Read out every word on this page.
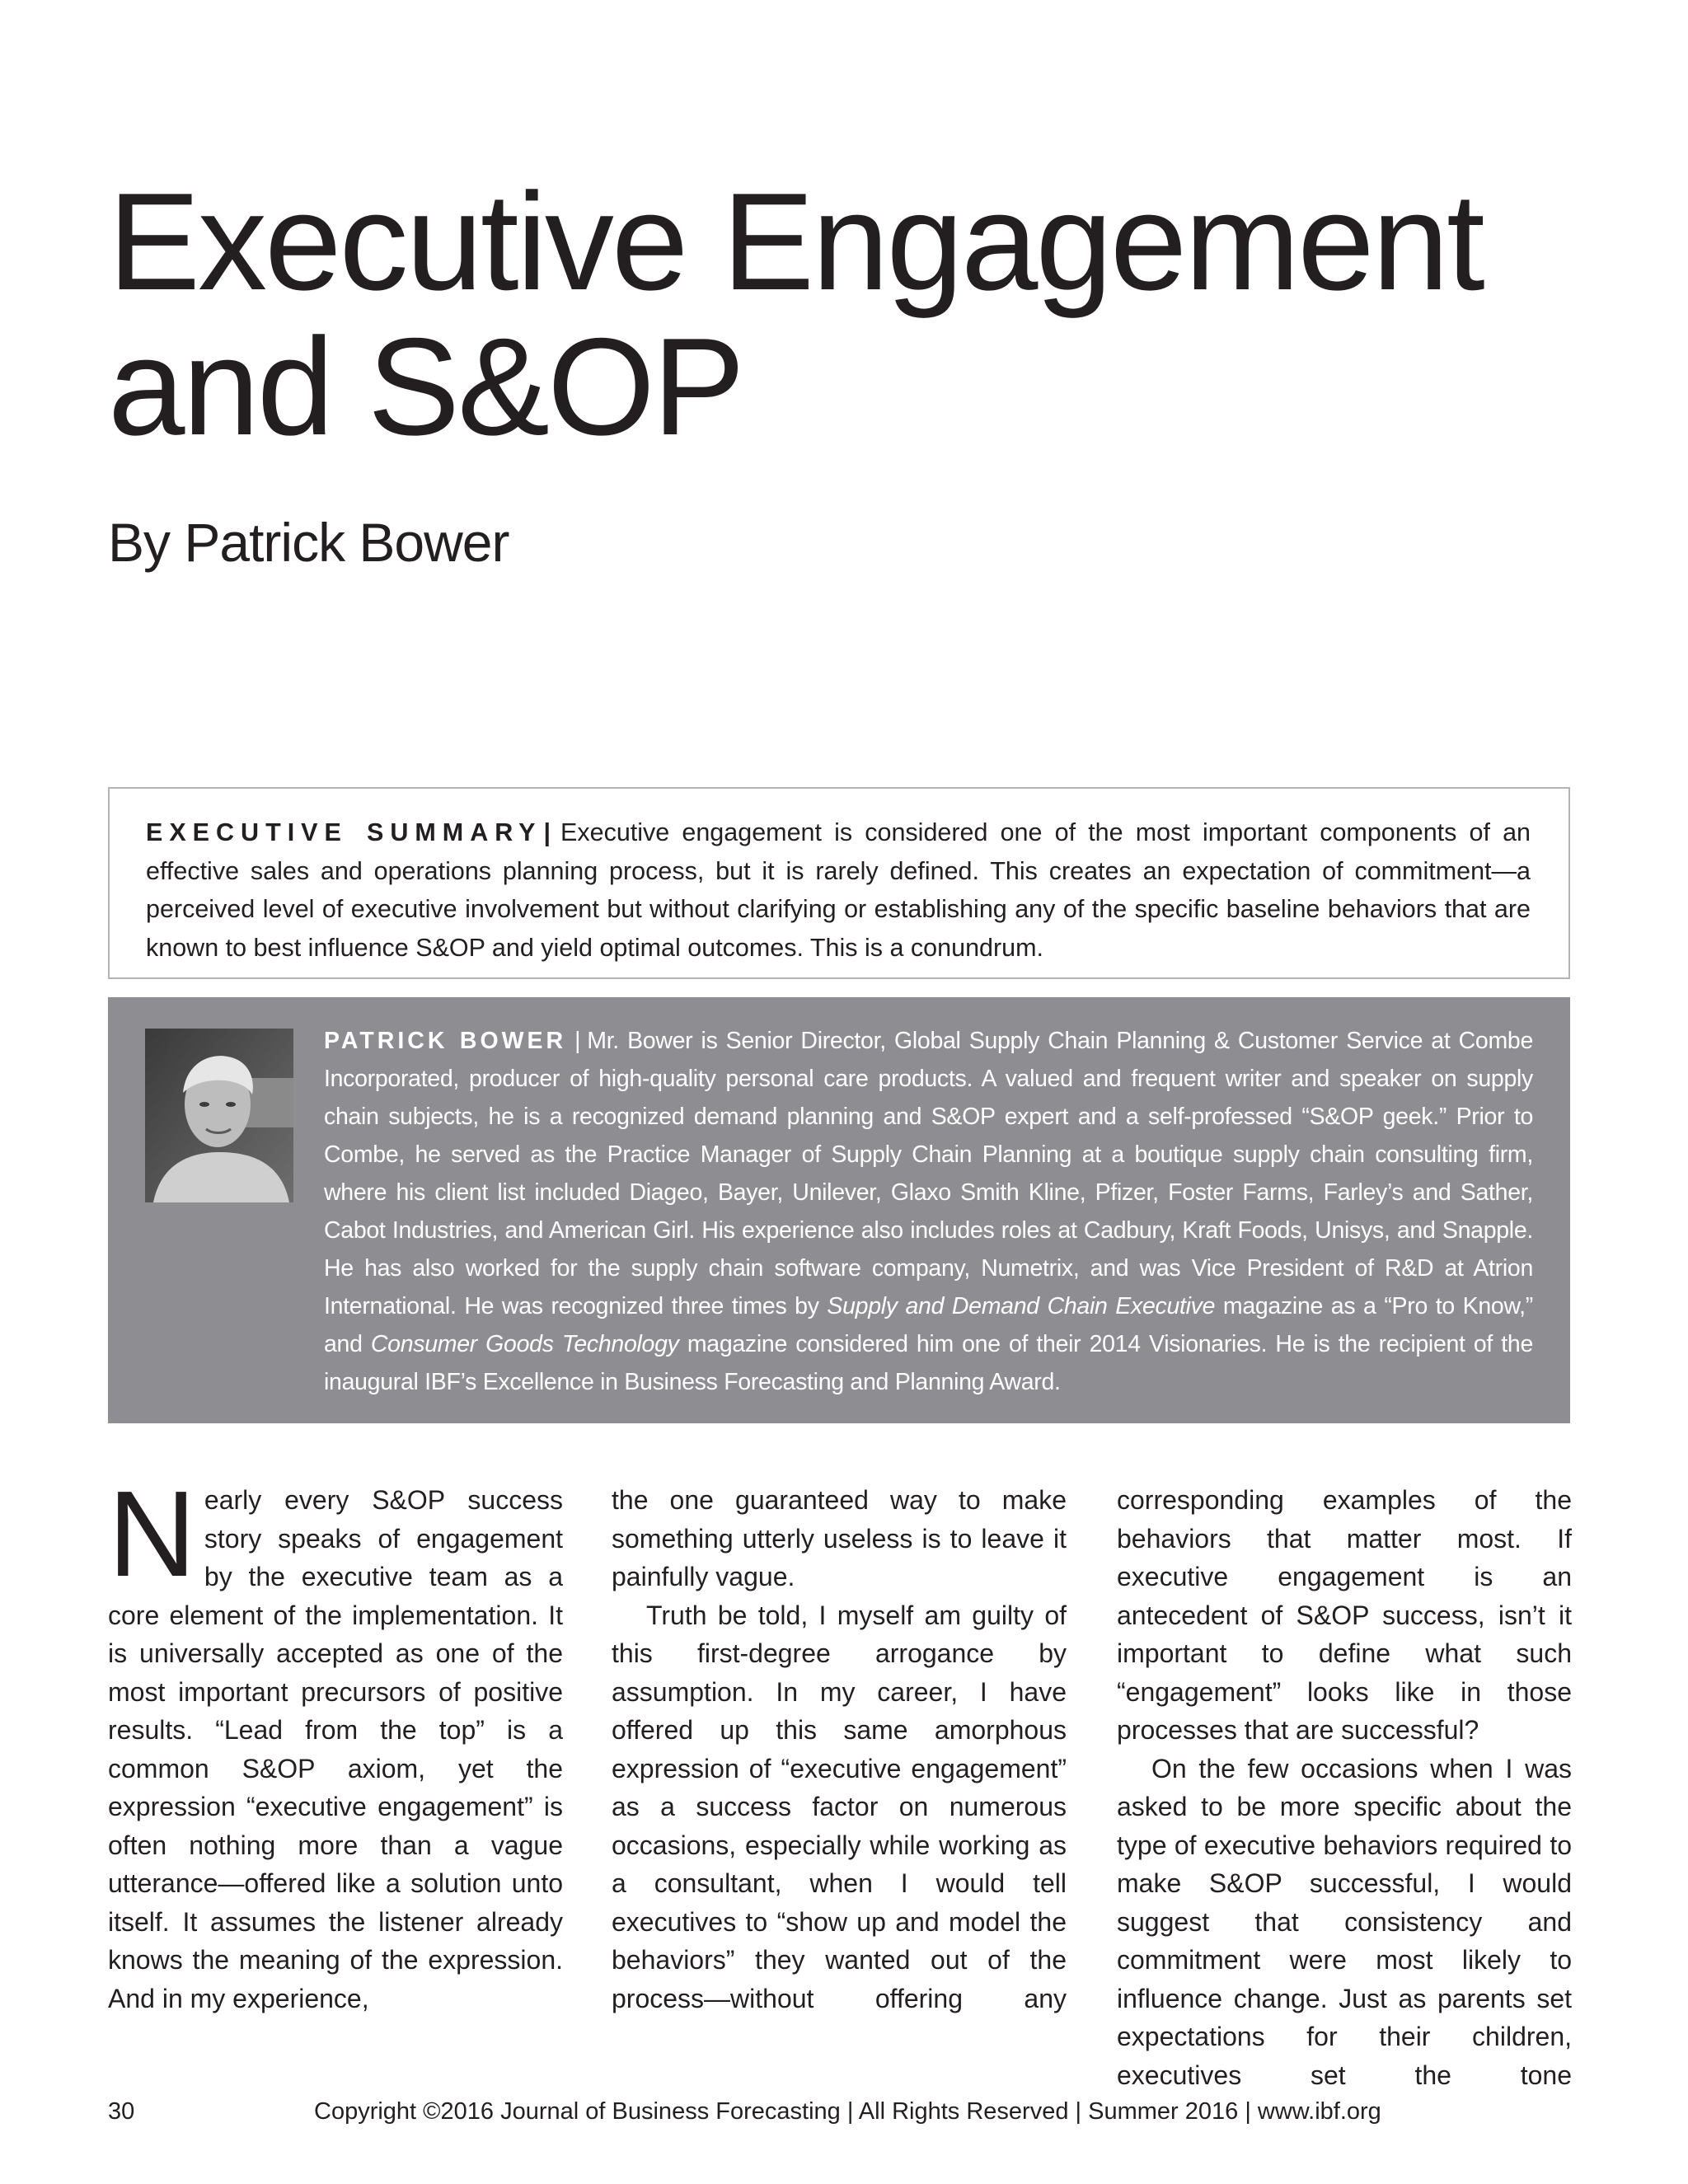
Executive Engagement
and S&OP

By Patrick Bower

EXECUTIVE SUMMARY| Executive engagement is considered one of the most important components of an effective sales and operations planning process, but it is rarely defined. This creates an expectation of commitment—a perceived level of executive involvement but without clarifying or establishing any of the specific baseline behaviors that are known to best influence S&OP and yield optimal outcomes. This is a conundrum.
PATRICK BOWER | Mr. Bower is Senior Director, Global Supply Chain Planning & Customer Service at Combe Incorporated, producer of high-quality personal care products. A valued and frequent writer and speaker on supply chain subjects, he is a recognized demand planning and S&OP expert and a self-professed “S&OP geek.” Prior to Combe, he served as the Practice Manager of Supply Chain Planning at a boutique supply chain consulting firm, where his client list included Diageo, Bayer, Unilever, Glaxo Smith Kline, Pfizer, Foster Farms, Farley’s and Sather, Cabot Industries, and American Girl. His experience also includes roles at Cadbury, Kraft Foods, Unisys, and Snapple. He has also worked for the supply chain software company, Numetrix, and was Vice President of R&D at Atrion International. He was recognized three times by Supply and Demand Chain Executive magazine as a “Pro to Know,” and Consumer Goods Technology magazine considered him one of their 2014 Visionaries. He is the recipient of the inaugural IBF’s Excellence in Business Forecasting and Planning Award.

Nearly every S&OP success story speaks of engagement by the executive team as a core element of the implementation. It is universally accepted as one of the most important precursors of positive results. “Lead from the top” is a common S&OP axiom, yet the expression “executive engagement” is often nothing more than a vague utterance—offered like a solution unto itself. It assumes the listener already knows the meaning of the expression. And in my experience,

the one guaranteed way to make something utterly useless is to leave it painfully vague.

Truth be told, I myself am guilty of this first-degree arrogance by assumption. In my career, I have offered up this same amorphous expression of “executive engagement” as a success factor on numerous occasions, especially while working as a consultant, when I would tell executives to “show up and model the behaviors” they wanted out of the process—without offering any

corresponding examples of the behaviors that matter most. If executive engagement is an antecedent of S&OP success, isn’t it important to define what such “engagement” looks like in those processes that are successful?

On the few occasions when I was asked to be more specific about the type of executive behaviors required to make S&OP successful, I would suggest that consistency and commitment were most likely to influence change. Just as parents set expectations for their children, executives set the tone

30	Copyright ©2016 Journal of Business Forecasting | All Rights Reserved | Summer 2016 | www.ibf.org
